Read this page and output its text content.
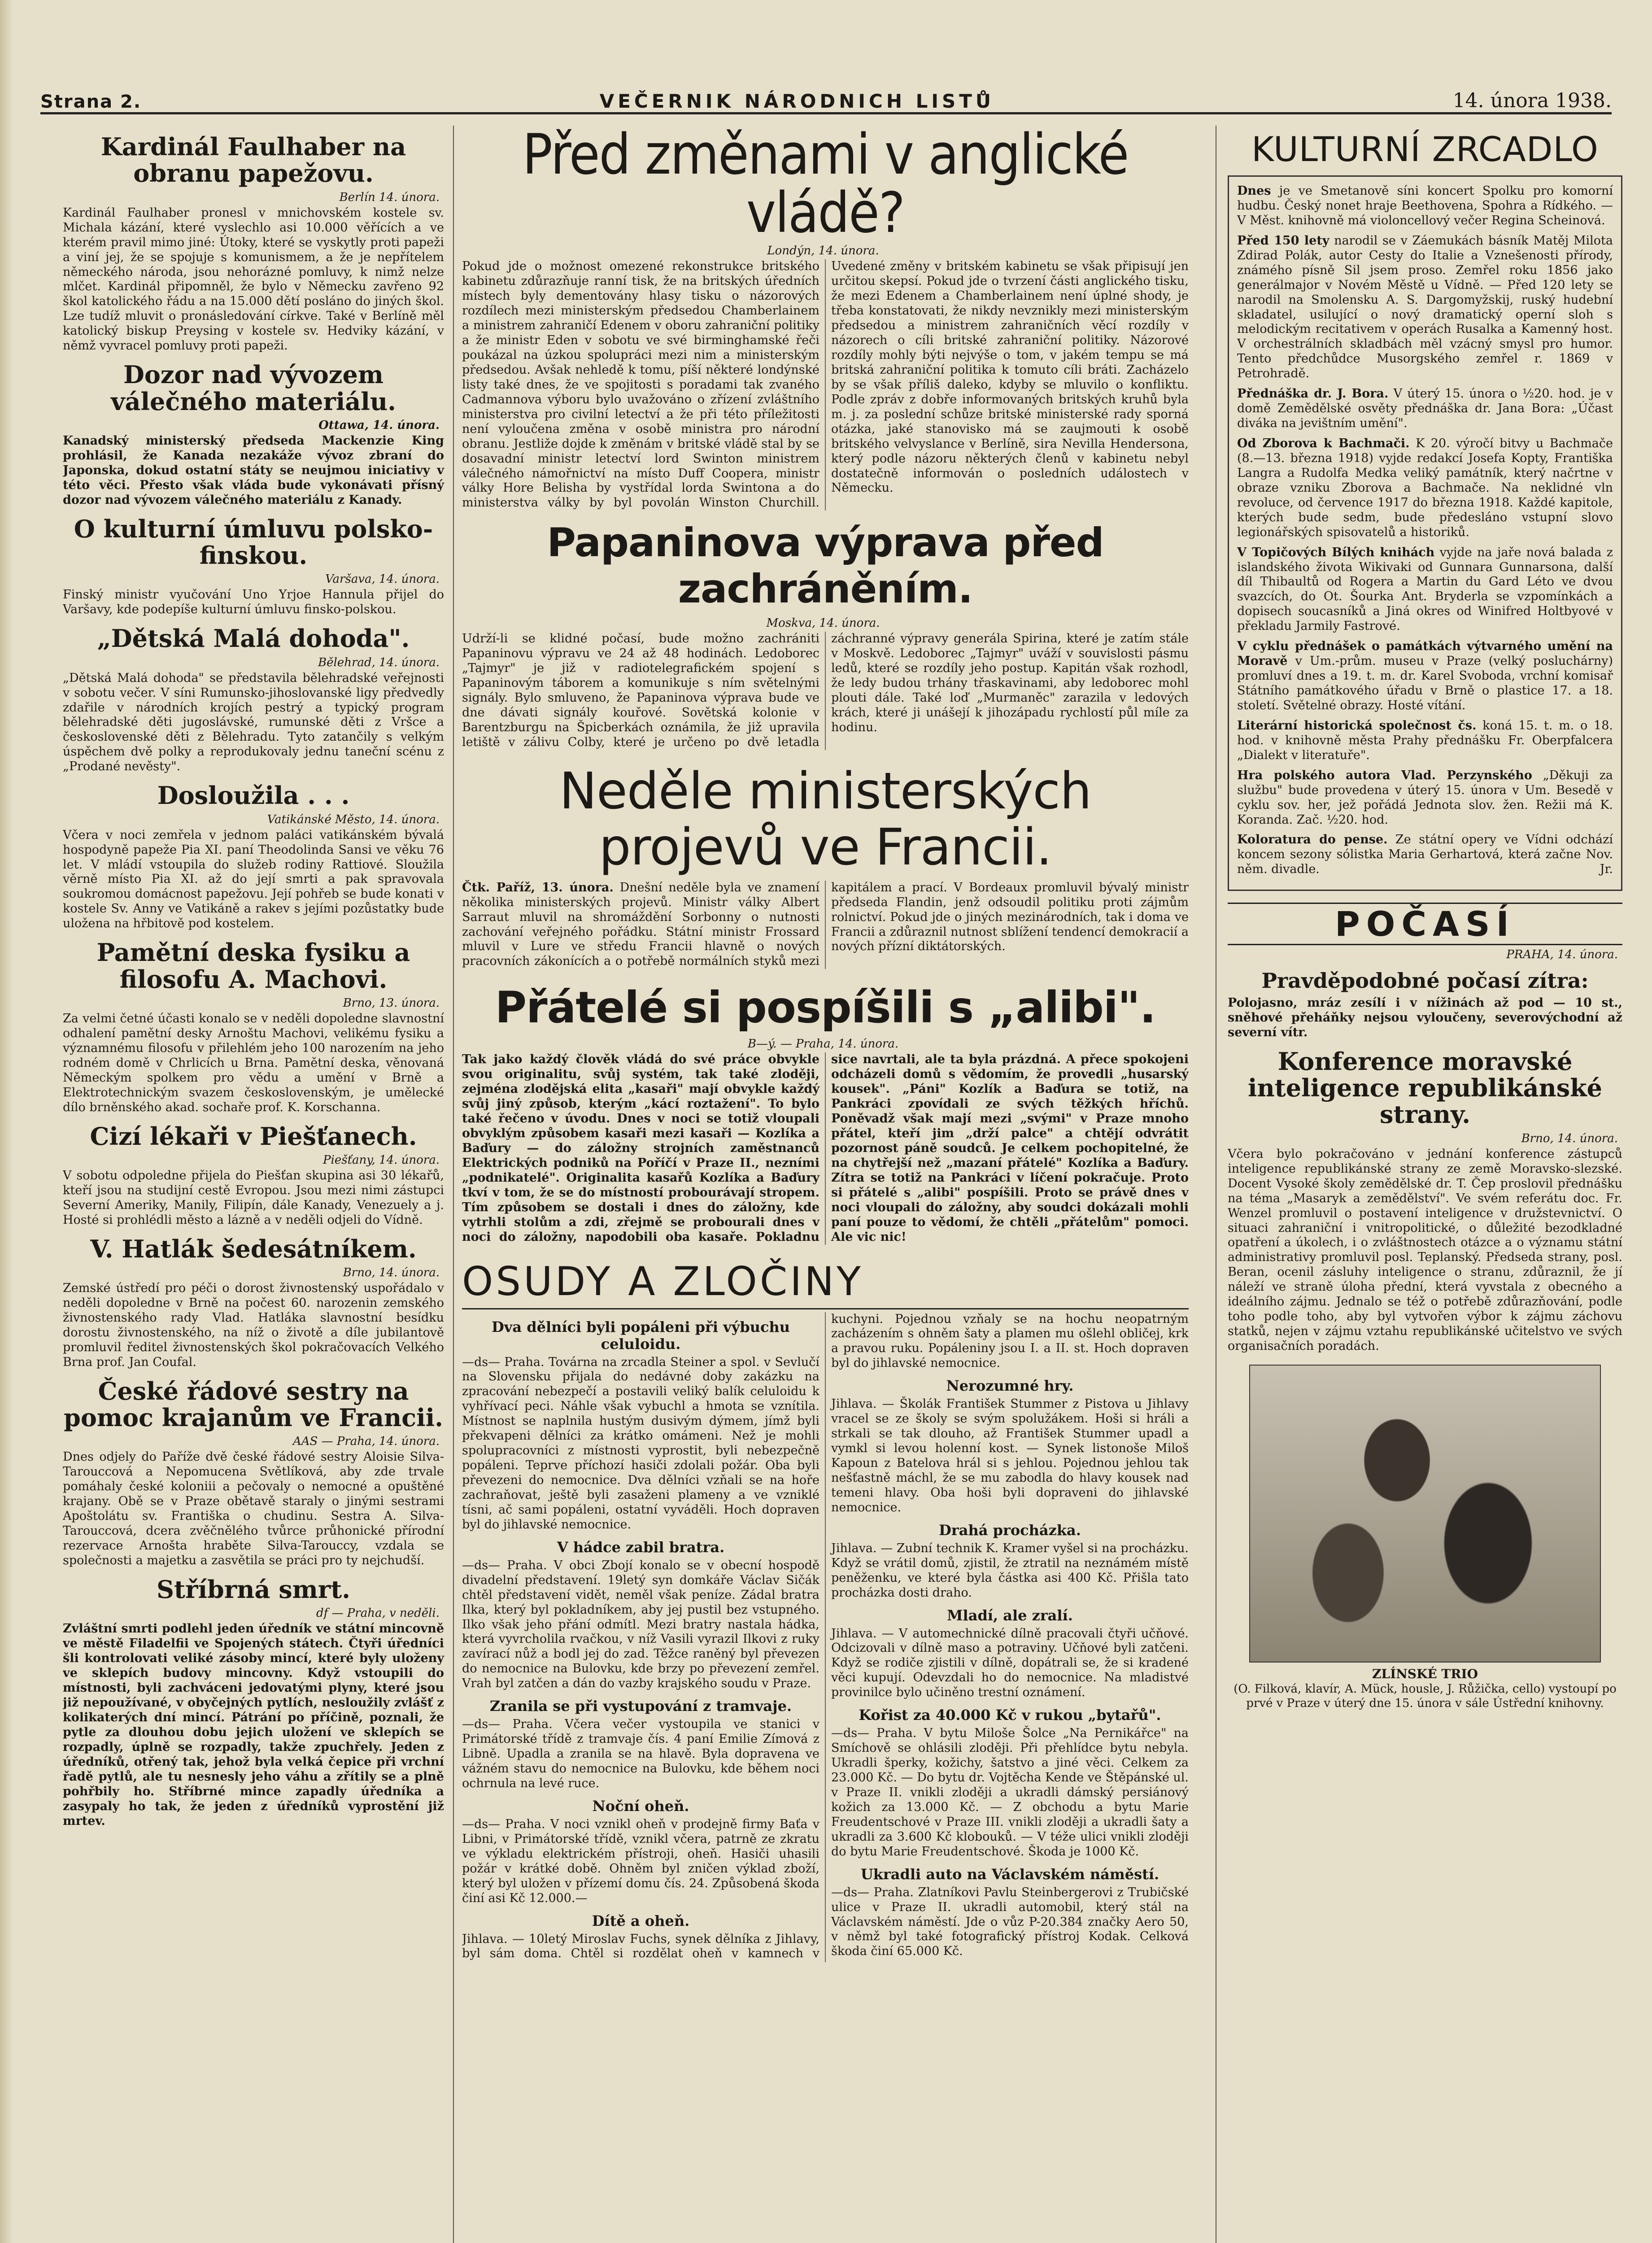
Strana 2.	VEČERNIK NÁRODNICH LISTŮ	14. února 1938.
Kardinál Faulhaber na obranu papežovu.
Berlín 14. února.

Kardinál Faulhaber pronesl v mnichovském kostele sv. Michala kázání, které vyslechlo asi 10.000 věřících a ve kterém pravil mimo jiné: Útoky, které se vyskytly proti papeži a viní jej, že se spojuje s komunismem, a že je nepřítelem německého národa, jsou nehorázné pomluvy, k nimž nelze mlčet. Kardinál připomněl, že bylo v Německu zavřeno 92 škol katolického řádu a na 15.000 dětí posláno do jiných škol. Lze tudíž mluvit o pronásledování církve. Také v Berlíně měl katolický biskup Preysing v kostele sv. Hedviky kázání, v němž vyvracel pomluvy proti papeži.

Dozor nad vývozem válečného materiálu.
Ottawa, 14. února.

Kanadský ministerský předseda Mackenzie King prohlásil, že Kanada nezakáže vývoz zbraní do Japonska, dokud ostatní státy se neujmou iniciativy v této věci. Přesto však vláda bude vykonávati přísný dozor nad vývozem válečného materiálu z Kanady.

O kulturní úmluvu polsko-finskou.
Varšava, 14. února.

Finský ministr vyučování Uno Yrjoe Hannula přijel do Varšavy, kde podepíše kulturní úmluvu finsko-polskou.

„Dětská Malá dohoda".
Bělehrad, 14. února.

„Dětská Malá dohoda" se představila bělehradské veřejnosti v sobotu večer. V síni Rumunsko-jihoslovanské ligy předvedly zdařile v národních krojích pestrý a typický program bělehradské děti jugoslávské, rumunské děti z Vršce a československé děti z Bělehradu. Tyto zatančily s velkým úspěchem dvě polky a reprodukovaly jednu taneční scénu z „Prodané nevěsty".

Dosloužila . . .
Vatikánské Město, 14. února.

Včera v noci zemřela v jednom paláci vatikánském bývalá hospodyně papeže Pia XI. paní Theodolinda Sansi ve věku 76 let. V mládí vstoupila do služeb rodiny Rattiové. Sloužila věrně místo Pia XI. až do její smrti a pak spravovala soukromou domácnost papežovu. Její pohřeb se bude konati v kostele Sv. Anny ve Vatikáně a rakev s jejími pozůstatky bude uložena na hřbitově pod kostelem.

Pamětní deska fysiku a filosofu A. Machovi.
Brno, 13. února.

Za velmi četné účasti konalo se v neděli dopoledne slavnostní odhalení pamětní desky Arnoštu Machovi, velikému fysiku a významnému filosofu v přilehlém jeho 100 narozením na jeho rodném domě v Chrlicích u Brna. Pamětní deska, věnovaná Německým spolkem pro vědu a umění v Brně a Elektrotechnickým svazem československým, je umělecké dílo brněnského akad. sochaře prof. K. Korschanna.

Cizí lékaři v Piešťanech.
Piešťany, 14. února.

V sobotu odpoledne přijela do Piešťan skupina asi 30 lékařů, kteří jsou na studijní cestě Evropou. Jsou mezi nimi zástupci Severní Ameriky, Manily, Filipín, dále Kanady, Venezuely a j. Hosté si prohlédli město a lázně a v neděli odjeli do Vídně.

V. Hatlák šedesátníkem.
Brno, 14. února.

Zemské ústředí pro péči o dorost živnostenský uspořádalo v neděli dopoledne v Brně na počest 60. narozenin zemského živnostenského rady Vlad. Hatláka slavnostní besídku dorostu živnostenského, na níž o životě a díle jubilantově promluvil ředitel živnostenských škol pokračovacích Velkého Brna prof. Jan Coufal.

České řádové sestry na pomoc krajanům ve Francii.
AAS — Praha, 14. února.

Dnes odjely do Paříže dvě české řádové sestry Aloisie Silva-Tarouccová a Nepomucena Světlíková, aby zde trvale pomáhaly české koloniii a pečovaly o nemocné a opuštěné krajany. Obě se v Praze obětavě staraly o jinými sestrami Apoštolátu sv. Františka o chudinu. Sestra A. Silva-Tarouccová, dcera zvěčnělého tvůrce průhonické přírodní rezervace Arnošta hraběte Silva-Tarouccy, vzdala se společnosti a majetku a zasvětila se práci pro ty nejchudší.

Stříbrná smrt.
df — Praha, v neděli.

Zvláštní smrti podlehl jeden úředník ve státní mincovně ve městě Filadelfii ve Spojených státech. Čtyři úředníci šli kontrolovati veliké zásoby mincí, které byly uloženy ve sklepích budovy mincovny. Když vstoupili do místnosti, byli zachváceni jedovatými plyny, které jsou již nepoužívané, v obyčejných pytlích, nesloužily zvlášť z kolikaterých dní mincí. Pátrání po příčině, poznali, že pytle za dlouhou dobu jejich uložení ve sklepích se rozpadly, úplně se rozpadly, takže zpuchřely. Jeden z úředníků, otřený tak, jehož byla velká čepice při vrchní řadě pytlů, ale tu nesnesly jeho váhu a zřítily se a plně pohřbily ho. Stříbrné mince zapadly úředníka a zasypaly ho tak, že jeden z úředníků vyprostění již mrtev.

Před změnami v anglické vládě?
Londýn, 14. února.
Pokud jde o možnost omezené rekonstrukce britského kabinetu zdůrazňuje ranní tisk, že na britských úředních místech byly dementovány hlasy tisku o názorových rozdílech mezi ministerským předsedou Chamberlainem a ministrem zahraničí Edenem v oboru zahraniční politiky a že ministr Eden v sobotu ve své birminghamské řeči poukázal na úzkou spolupráci mezi nim a ministerským předsedou. Avšak nehledě k tomu, píší některé londýnské listy také dnes, že ve spojitosti s poradami tak zvaného Cadmannova výboru bylo uvažováno o zřízení zvláštního ministerstva pro civilní letectví a že při této příležitosti není vyloučena změna v osobě ministra pro národní obranu. Jestliže dojde k změnám v britské vládě stal by se dosavadní ministr letectví lord Swinton ministrem válečného námořnictví na místo Duff Coopera, ministr války Hore Belisha by vystřídal lorda Swintona a do ministerstva války by byl povolán Winston Churchill. Uvedené změny v britském kabinetu se však připisují jen určitou skepsí. Pokud jde o tvrzení části anglického tisku, že mezi Edenem a Chamberlainem není úplné shody, je třeba konstatovati, že nikdy nevznikly mezi ministerským předsedou a ministrem zahraničních věcí rozdíly v názorech o cíli britské zahraniční politiky. Názorové rozdíly mohly býti nejvýše o tom, v jakém tempu se má britská zahraniční politika k tomuto cíli bráti. Zacházelo by se však příliš daleko, kdyby se mluvilo o konfliktu. Podle zpráv z dobře informovaných britských kruhů byla m. j. za poslední schůze britské ministerské rady sporná otázka, jaké stanovisko má se zaujmouti k osobě britského velvyslance v Berlíně, sira Nevilla Hendersona, který podle názoru některých členů v kabinetu nebyl dostatečně informován o posledních událostech v Německu.
Papaninova výprava před zachráněním.
Moskva, 14. února.
Udrží-li se klidné počasí, bude možno zachrániti Papaninovu výpravu ve 24 až 48 hodinách. Ledoborec „Tajmyr" je již v radiotelegrafickém spojení s Papaninovým táborem a komunikuje s ním světelnými signály. Bylo smluveno, že Papaninova výprava bude ve dne dávati signály kouřové. Sovětská kolonie v Barentzburgu na Špicberkách oznámila, že již upravila letiště v zálivu Colby, které je určeno po dvě letadla záchranné výpravy generála Spirina, které je zatím stále v Moskvě. Ledoborec „Tajmyr" uváží v souvislosti pásmu ledů, které se rozdíly jeho postup. Kapitán však rozhodl, že ledy budou trhány třaskavinami, aby ledoborec mohl plouti dále. Také loď „Murmaněc" zarazila v ledových krách, které ji unášejí k jihozápadu rychlostí půl míle za hodinu.
Neděle ministerských projevů ve Francii.
Čtk. Paříž, 13. února. Dnešní neděle byla ve znamení několika ministerských projevů. Ministr války Albert Sarraut mluvil na shromáždění Sorbonny o nutnosti zachování veřejného pořádku. Státní ministr Frossard mluvil v Lure ve středu Francii hlavně o nových pracovních zákonících a o potřebě normálních styků mezi kapitálem a prací. V Bordeaux promluvil bývalý ministr předseda Flandin, jenž odsoudil politiku proti zájmům rolnictví. Pokud jde o jiných mezinárodních, tak i doma ve Francii a zdůraznil nutnost sblížení tendencí demokracií a nových přízní diktátorských.
Přátelé si pospíšili s „alibi".
B—ý. — Praha, 14. února.
Tak jako každý člověk vládá do své práce obvykle svou originalitu, svůj systém, tak také zloději, zejména zlodějská elita „kasaři" mají obvykle každý svůj jiný způsob, kterým „kácí roztažení". To bylo také řečeno v úvodu. Dnes v noci se totiž vloupali obvyklým způsobem kasaři mezi kasaři — Kozlíka a Baďury — do záložny strojních zaměstnanců Elektrických podniků na Poříčí v Praze II., nezními „podnikatelé". Originalita kasařů Kozlíka a Baďury tkví v tom, že se do místností probourávají stropem. Tím způsobem se dostali i dnes do záložny, kde vytrhli stolům a zdi, zřejmě se probourali dnes v noci do záložny, napodobili oba kasaře. Pokladnu sice navrtali, ale ta byla prázdná. A přece spokojeni odcházeli domů s vědomím, že provedli „husarský kousek". „Páni" Kozlík a Baďura se totiž, na Pankráci zpovídali ze svých těžkých hříchů. Poněvadž však mají mezi „svými" v Praze mnoho přátel, kteří jim „drží palce" a chtějí odvrátit pozornost páně soudců. Je celkem pochopitelné, že na chytřejší než „mazaní přátelé" Kozlíka a Baďury. Zítra se totiž na Pankráci v líčení pokračuje. Proto si přátelé s „alibi" pospíšili. Proto se právě dnes v noci vloupali do záložny, aby soudci dokázali mohli paní pouze to vědomí, že chtěli „přátelům" pomoci. Ale vic nic!
OSUDY A ZLOČINY
Dva dělníci byli popáleni při výbuchu celuloidu.

—ds— Praha. Továrna na zrcadla Steiner a spol. v Sevlučí na Slovensku přijala do nedávné doby zakázku na zpracování nebezpečí a postavili veliký balík celuloidu k vyhřívací peci. Náhle však vybuchl a hmota se vznítila. Místnost se naplnila hustým dusivým dýmem, jímž byli překvapeni dělníci za krátko omámeni. Než je mohli spolupracovníci z místnosti vyprostit, byli nebezpečně popáleni. Teprve příchozí hasiči zdolali požár. Oba byli převezeni do nemocnice. Dva dělníci vzňali se na hoře zachraňovat, ještě byli zasaženi plameny a ve vzniklé tísni, ač sami popáleni, ostatní vyváděli. Hoch dopraven byl do jihlavské nemocnice.

V hádce zabil bratra.

—ds— Praha. V obci Zbojí konalo se v obecní hospodě divadelní představení. 19letý syn domkáře Václav Sičák chtěl představení vidět, neměl však peníze. Zádal bratra Ilka, který byl pokladníkem, aby jej pustil bez vstupného. Ilko však jeho přání odmítl. Mezi bratry nastala hádka, která vyvrcholila rvačkou, v níž Vasili vyrazil Ilkovi z ruky zavírací nůž a bodl jej do zad. Těžce raněný byl převezen do nemocnice na Bulovku, kde brzy po převezení zemřel. Vrah byl zatčen a dán do vazby krajského soudu v Praze.

Zranila se při vystupování z tramvaje.

—ds— Praha. Včera večer vystoupila ve stanici v Primátorské třídě z tramvaje čís. 4 paní Emilie Zímová z Libně. Upadla a zranila se na hlavě. Byla dopravena ve vážném stavu do nemocnice na Bulovku, kde během noci ochrnula na levé ruce.

Noční oheň.

—ds— Praha. V noci vznikl oheň v prodejně firmy Baťa v Libni, v Primátorské třídě, vznikl včera, patrně ze zkratu ve výkladu elektrickém přístroji, oheň. Hasiči uhasili požár v krátké době. Ohněm byl zničen výklad zboží, který byl uložen v přízemí domu čís. 24. Způsobená škoda činí asi Kč 12.000.—

Dítě a oheň.

Jihlava. — 10letý Miroslav Fuchs, synek dělníka z Jihlavy, byl sám doma. Chtěl si rozdělat oheň v kamnech v kuchyni. Pojednou vzňaly se na hochu neopatrným zacházením s ohněm šaty a plamen mu ošlehl obličej, krk a pravou ruku. Popáleniny jsou I. a II. st. Hoch dopraven byl do jihlavské nemocnice.

Nerozumné hry.

Jihlava. — Školák František Stummer z Pistova u Jihlavy vracel se ze školy se svým spolužákem. Hoši si hráli a strkali se tak dlouho, až František Stummer upadl a vymkl si levou holenní kost. — Synek listonoše Miloš Kapoun z Batelova hrál si s jehlou. Pojednou jehlou tak nešťastně máchl, že se mu zabodla do hlavy kousek nad temeni hlavy. Oba hoši byli dopraveni do jihlavské nemocnice.

Drahá procházka.

Jihlava. — Zubní technik K. Kramer vyšel si na procházku. Když se vrátil domů, zjistil, že ztratil na neznámém místě peněženku, ve které byla částka asi 400 Kč. Přišla tato procházka dosti draho.

Mladí, ale zralí.

Jihlava. — V automechnické dílně pracovali čtyři učňové. Odcizovali v dílně maso a potraviny. Učňové byli zatčeni. Když se rodiče zjistili v dílně, dopátrali se, že si kradené věci kupují. Odevzdali ho do nemocnice. Na mladistvé provinilce bylo učiněno trestní oznámení.

Kořist za 40.000 Kč v rukou „bytařů".

—ds— Praha. V bytu Miloše Šolce „Na Pernikářce" na Smíchově se ohlásili zloději. Při přehlídce bytu nebyla. Ukradli šperky, kožichy, šatstvo a jiné věci. Celkem za 23.000 Kč. — Do bytu dr. Vojtěcha Kende ve Štěpánské ul. v Praze II. vnikli zloději a ukradli dámský persiánový kožich za 13.000 Kč. — Z obchodu a bytu Marie Freudentschové v Praze III. vnikli zloději a ukradli šaty a ukradli za 3.600 Kč klobouků. — V téže ulici vnikli zloději do bytu Marie Freudentschové. Škoda je 1000 Kč.

Ukradli auto na Václavském náměstí.

—ds— Praha. Zlatníkovi Pavlu Steinbergerovi z Trubičské ulice v Praze II. ukradli automobil, který stál na Václavském náměstí. Jde o vůz P-20.384 značky Aero 50, v němž byl také fotografický přístroj Kodak. Celková škoda činí 65.000 Kč.

KULTURNÍ ZRCADLO

Dnes je ve Smetanově síni koncert Spolku pro komorní hudbu. Český nonet hraje Beethovena, Spohra a Rídkého. — V Měst. knihovně má violoncellový večer Regina Scheinová.

Před 150 lety narodil se v Záemukách básník Matěj Milota Zdirad Polák, autor Cesty do Italie a Vznešenosti přírody, známého písně Sil jsem proso. Zemřel roku 1856 jako generálmajor v Novém Městě u Vídně. — Před 120 lety se narodil na Smolensku A. S. Dargomyžskij, ruský hudební skladatel, usilující o nový dramatický operní sloh s melodickým recitativem v operách Rusalka a Kamenný host. V orchestrálních skladbách měl vzácný smysl pro humor. Tento předchůdce Musorgského zemřel r. 1869 v Petrohradě.

Přednáška dr. J. Bora. V úterý 15. února o ½20. hod. je v domě Zemědělské osvěty přednáška dr. Jana Bora: „Účast diváka na jevištním umění".

Od Zborova k Bachmači. K 20. výročí bitvy u Bachmače (8.—13. března 1918) vyjde redakcí Josefa Kopty, Františka Langra a Rudolfa Medka veliký památník, který načrtne v obraze vzniku Zborova a Bachmače. Na neklidné vln revoluce, od července 1917 do března 1918. Každé kapitole, kterých bude sedm, bude předesláno vstupní slovo legionářských spisovatelů a historiků.

V Topičových Bílých knihách vyjde na jaře nová balada z islandského života Wikivaki od Gunnara Gunnarsona, další díl Thibaultů od Rogera a Martin du Gard Léto ve dvou svazcích, do Ot. Šourka Ant. Bryderla se vzpomínkách a dopisech soucasníků a Jiná okres od Winifred Holtbyové v překladu Jarmily Fastrové.

V cyklu přednášek o památkách výtvarného umění na Moravě v Um.-prům. museu v Praze (velký posluchárny) promluví dnes a 19. t. m. dr. Karel Svoboda, vrchní komisař Státního památkového úřadu v Brně o plastice 17. a 18. století. Světelné obrazy. Hosté vítání.

Literární historická společnost čs. koná 15. t. m. o 18. hod. v knihovně města Prahy přednášku Fr. Oberpfalcera „Dialekt v literatuře".

Hra polského autora Vlad. Perzynského „Děkuji za službu" bude provedena v úterý 15. února v Um. Besedě v cyklu sov. her, jež pořádá Jednota slov. žen. Režii má K. Koranda. Zač. ½20. hod.

Koloratura do pense. Ze státní opery ve Vídni odchází koncem sezony sólistka Maria Gerhartová, která začne Nov. něm. divadle.	Jr.

POČASÍ
PRAHA, 14. února.
Pravděpodobné počasí zítra:

Polojasno, mráz zesílí i v nížinách až pod — 10 st., sněhové přeháňky nejsou vyloučeny, severovýchodní až severní vítr.

Konference moravské inteligence republikánské strany.
Brno, 14. února.

Včera bylo pokračováno v jednání konference zástupců inteligence republikánské strany ze země Moravsko-slezské. Docent Vysoké školy zemědělské dr. T. Čep proslovil přednášku na téma „Masaryk a zemědělství". Ve svém referátu doc. Fr. Wenzel promluvil o postavení inteligence v družstevnictví. O situaci zahraniční i vnitropolitické, o důležité bezodkladné opatření a úkolech, i o zvláštnostech otázce a o významu státní administrativy promluvil posl. Teplanský. Předseda strany, posl. Beran, ocenil zásluhy inteligence o stranu, zdůraznil, že jí náleží ve straně úloha přední, která vyvstala z obecného a ideálního zájmu. Jednalo se též o potřebě zdůrazňování, podle toho podle toho, aby byl vytvořen výbor k zájmu záchovu statků, nejen v zájmu vztahu republikánské učitelstvo ve svých organisačních poradách.

ZLÍNSKÉ TRIO
(O. Filková, klavír, A. Mück, housle, J. Růžička, cello) vystoupí po prvé v Praze v úterý dne 15. února v sále Ústřední knihovny.
